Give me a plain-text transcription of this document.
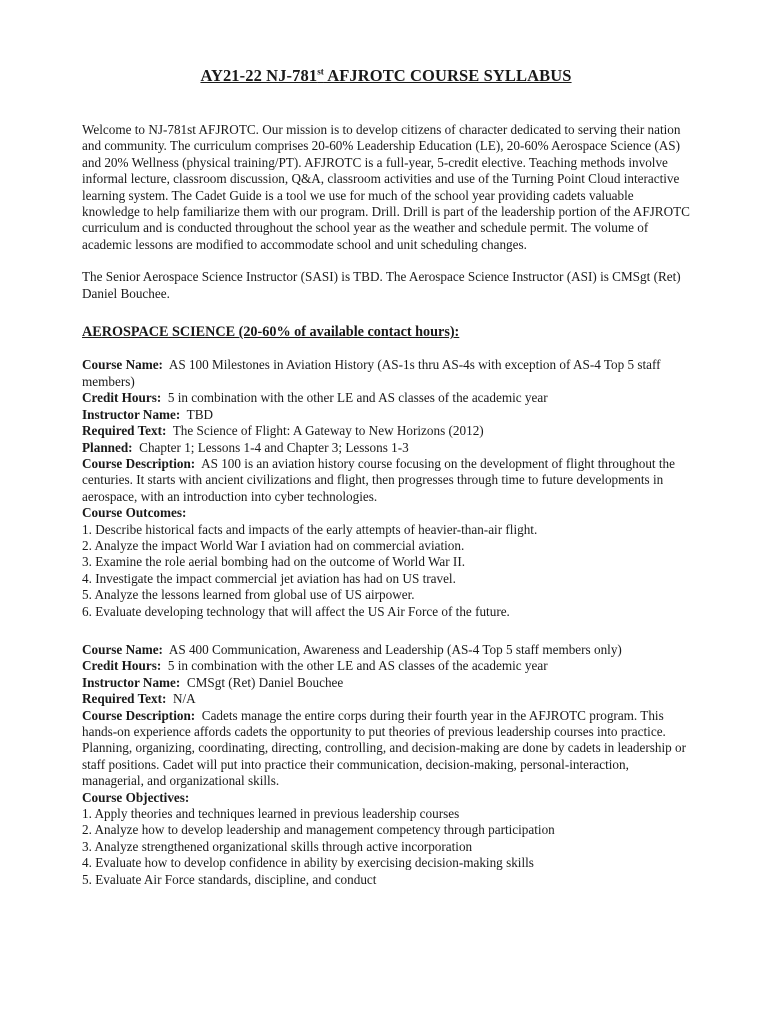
AY21-22 NJ-781st AFJROTC COURSE SYLLABUS

Welcome to NJ-781st AFJROTC. Our mission is to develop citizens of character dedicated to serving their nation and community. The curriculum comprises 20-60% Leadership Education (LE), 20-60% Aerospace Science (AS) and 20% Wellness (physical training/PT). AFJROTC is a full-year, 5-credit elective. Teaching methods involve informal lecture, classroom discussion, Q&A, classroom activities and use of the Turning Point Cloud interactive learning system. The Cadet Guide is a tool we use for much of the school year providing cadets valuable knowledge to help familiarize them with our program. Drill. Drill is part of the leadership portion of the AFJROTC curriculum and is conducted throughout the school year as the weather and schedule permit. The volume of academic lessons are modified to accommodate school and unit scheduling changes.

The Senior Aerospace Science Instructor (SASI) is TBD. The Aerospace Science Instructor (ASI) is CMSgt (Ret) Daniel Bouchee.

AEROSPACE SCIENCE (20-60% of available contact hours):

Course Name: AS 100 Milestones in Aviation History (AS-1s thru AS-4s with exception of AS-4 Top 5 staff members)
Credit Hours: 5 in combination with the other LE and AS classes of the academic year
Instructor Name: TBD
Required Text: The Science of Flight: A Gateway to New Horizons (2012)
Planned: Chapter 1; Lessons 1-4 and Chapter 3; Lessons 1-3
Course Description: AS 100 is an aviation history course focusing on the development of flight throughout the centuries. It starts with ancient civilizations and flight, then progresses through time to future developments in aerospace, with an introduction into cyber technologies.
Course Outcomes:
1. Describe historical facts and impacts of the early attempts of heavier-than-air flight.
2. Analyze the impact World War I aviation had on commercial aviation.
3. Examine the role aerial bombing had on the outcome of World War II.
4. Investigate the impact commercial jet aviation has had on US travel.
5. Analyze the lessons learned from global use of US airpower.
6. Evaluate developing technology that will affect the US Air Force of the future.
Course Name: AS 400 Communication, Awareness and Leadership (AS-4 Top 5 staff members only)
Credit Hours: 5 in combination with the other LE and AS classes of the academic year
Instructor Name: CMSgt (Ret) Daniel Bouchee
Required Text: N/A
Course Description: Cadets manage the entire corps during their fourth year in the AFJROTC program. This hands-on experience affords cadets the opportunity to put theories of previous leadership courses into practice. Planning, organizing, coordinating, directing, controlling, and decision-making are done by cadets in leadership or staff positions. Cadet will put into practice their communication, decision-making, personal-interaction, managerial, and organizational skills.
Course Objectives:
1. Apply theories and techniques learned in previous leadership courses
2. Analyze how to develop leadership and management competency through participation
3. Analyze strengthened organizational skills through active incorporation
4. Evaluate how to develop confidence in ability by exercising decision-making skills
5. Evaluate Air Force standards, discipline, and conduct
